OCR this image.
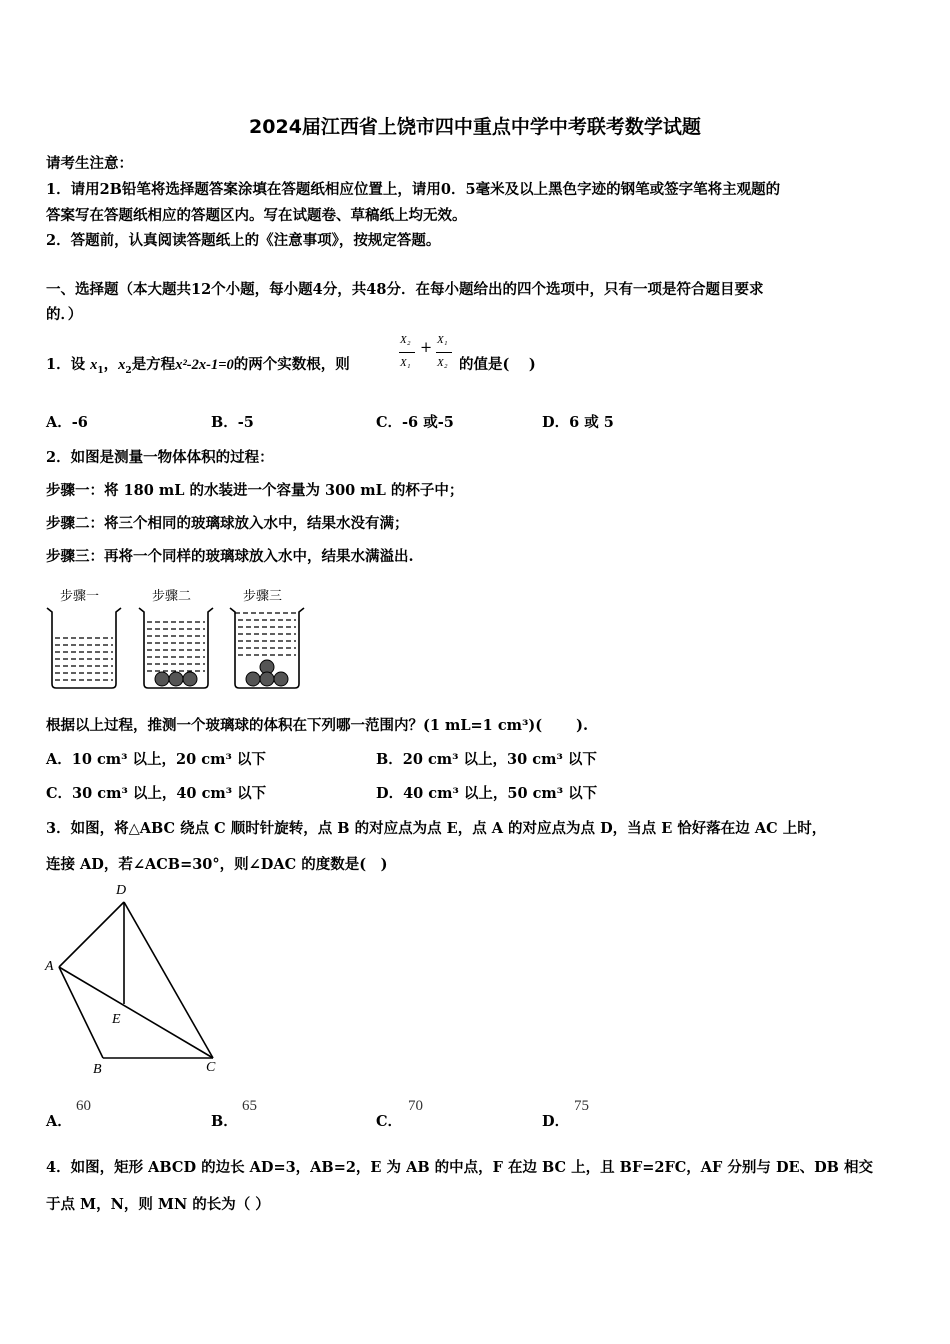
2024届江西省上饶市四中重点中学中考联考数学试题
请考生注意：
1．请用2B铅笔将选择题答案涂填在答题纸相应位置上，请用0．5毫米及以上黑色字迹的钢笔或签字笔将主观题的
答案写在答题纸相应的答题区内。写在试题卷、草稿纸上均无效。
2．答题前，认真阅读答题纸上的《注意事项》，按规定答题。
一、选择题（本大题共12个小题，每小题4分，共48分．在每小题给出的四个选项中，只有一项是符合题目要求
的．）
1．设 $x_1$，$x_2$是方程x²-2x-1=0的两个实数根，则
X₂
X₁
+ X₁
X₂ 的值是(　 )
A．-6	B．-5	C．-6 或-5	D．6 或 5
2．如图是测量一物体体积的过程：
步骤一：将 180 mL 的水装进一个容量为 300 mL 的杯子中；
步骤二：将三个相同的玻璃球放入水中，结果水没有满；
步骤三：再将一个同样的玻璃球放入水中，结果水满溢出.
步骤一	步骤二	步骤三
根据以上过程，推测一个玻璃球的体积在下列哪一范围内？(1 mL=1 cm³)(　　 ).
A．10 cm³ 以上，20 cm³ 以下	B．20 cm³ 以上，30 cm³ 以下
C．30 cm³ 以上，40 cm³ 以下	D．40 cm³ 以上，50 cm³ 以下
3．如图，将△ABC 绕点 C 顺时针旋转，点 B 的对应点为点 E，点 A 的对应点为点 D，当点 E 恰好落在边 AC 上时，
连接 AD，若∠ACB=30°，则∠DAC 的度数是(　)
D
A
E
B	C
A．
60
B．
65
C．
70
D．
75
4．如图，矩形 ABCD 的边长 AD=3，AB=2，E 为 AB 的中点，F 在边 BC 上，且 BF=2FC，AF 分别与 DE、DB 相交
于点 M，N，则 MN 的长为（ ）
